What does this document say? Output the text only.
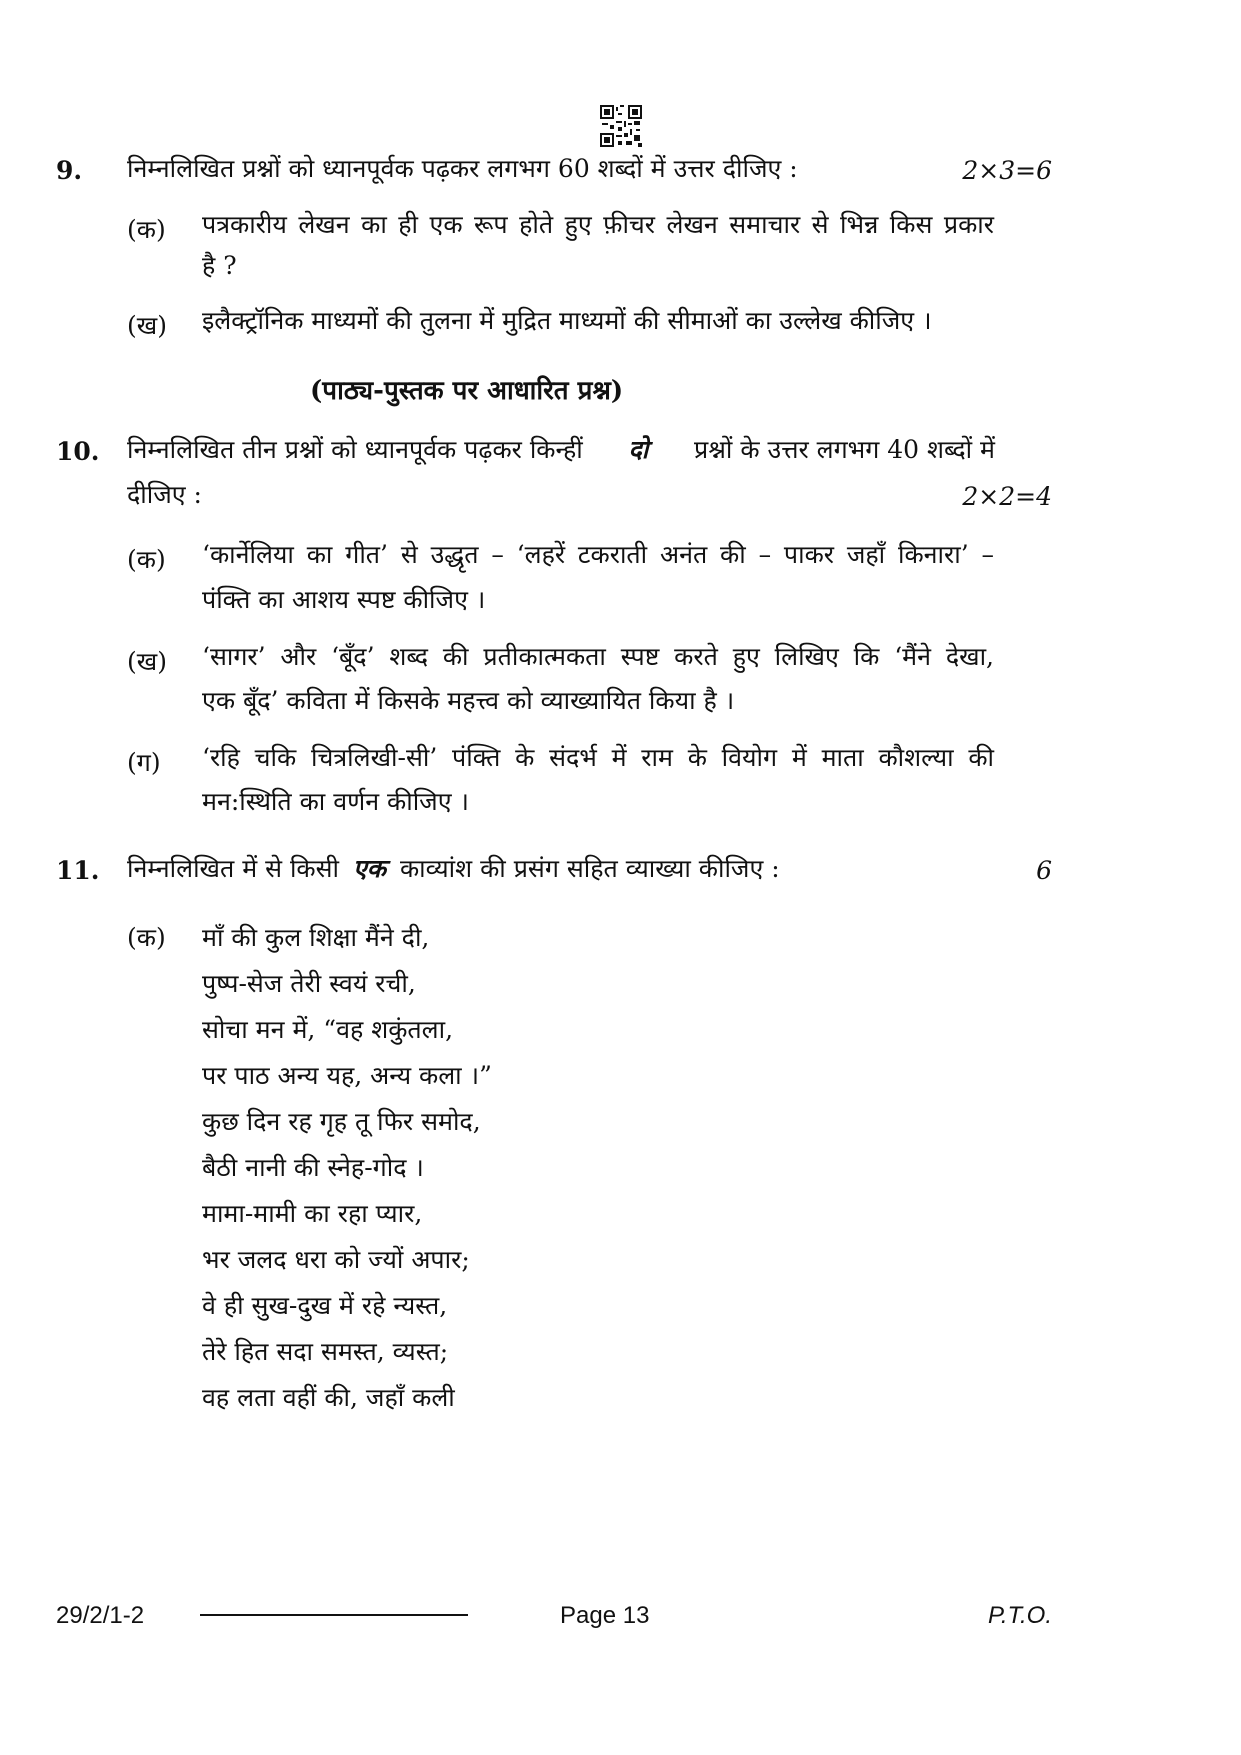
9. निम्नलिखित प्रश्नों को ध्यानपूर्वक पढ़कर लगभग 60 शब्दों में उत्तर दीजिए :	2×3=6
(क) पत्रकारीय लेखन का ही एक रूप होते हुए फ़ीचर लेखन समाचार से भिन्न किस प्रकार
है ?
(ख) इलैक्ट्रॉनिक माध्यमों की तुलना में मुद्रित माध्यमों की सीमाओं का उल्लेख कीजिए ।
(पाठ्य-पुस्तक पर आधारित प्रश्न)
10. निम्नलिखित तीन प्रश्नों को ध्यानपूर्वक पढ़कर किन्हीं दो प्रश्नों के उत्तर लगभग 40 शब्दों में
दीजिए :	2×2=4
(क) ‘कार्नेलिया का गीत’ से उद्धृत – ‘लहरें टकराती अनंत की – पाकर जहाँ किनारा’ –
पंक्ति का आशय स्पष्ट कीजिए ।
(ख) ‘सागर’ और ‘बूँद’ शब्द की प्रतीकात्मकता स्पष्ट करते हुए लिखिए कि ‘मैंने देखा,
एक बूँद’ कविता में किसके महत्त्व को व्याख्यायित किया है ।
(ग) ‘रहि चकि चित्रलिखी-सी’ पंक्ति के संदर्भ में राम के वियोग में माता कौशल्या की
मन:स्थिति का वर्णन कीजिए ।
11. निम्नलिखित में से किसी एक काव्यांश की प्रसंग सहित व्याख्या कीजिए :	6
(क) माँ की कुल शिक्षा मैंने दी,
पुष्प-सेज तेरी स्वयं रची,
सोचा मन में, “वह शकुंतला,
पर पाठ अन्य यह, अन्य कला ।”
कुछ दिन रह गृह तू फिर समोद,
बैठी नानी की स्नेह-गोद ।
मामा-मामी का रहा प्यार,
भर जलद धरा को ज्यों अपार;
वे ही सुख-दुख में रहे न्यस्त,
तेरे हित सदा समस्त, व्यस्त;
वह लता वहीं की, जहाँ कली
29/2/1-2	Page 13	P.T.O.
